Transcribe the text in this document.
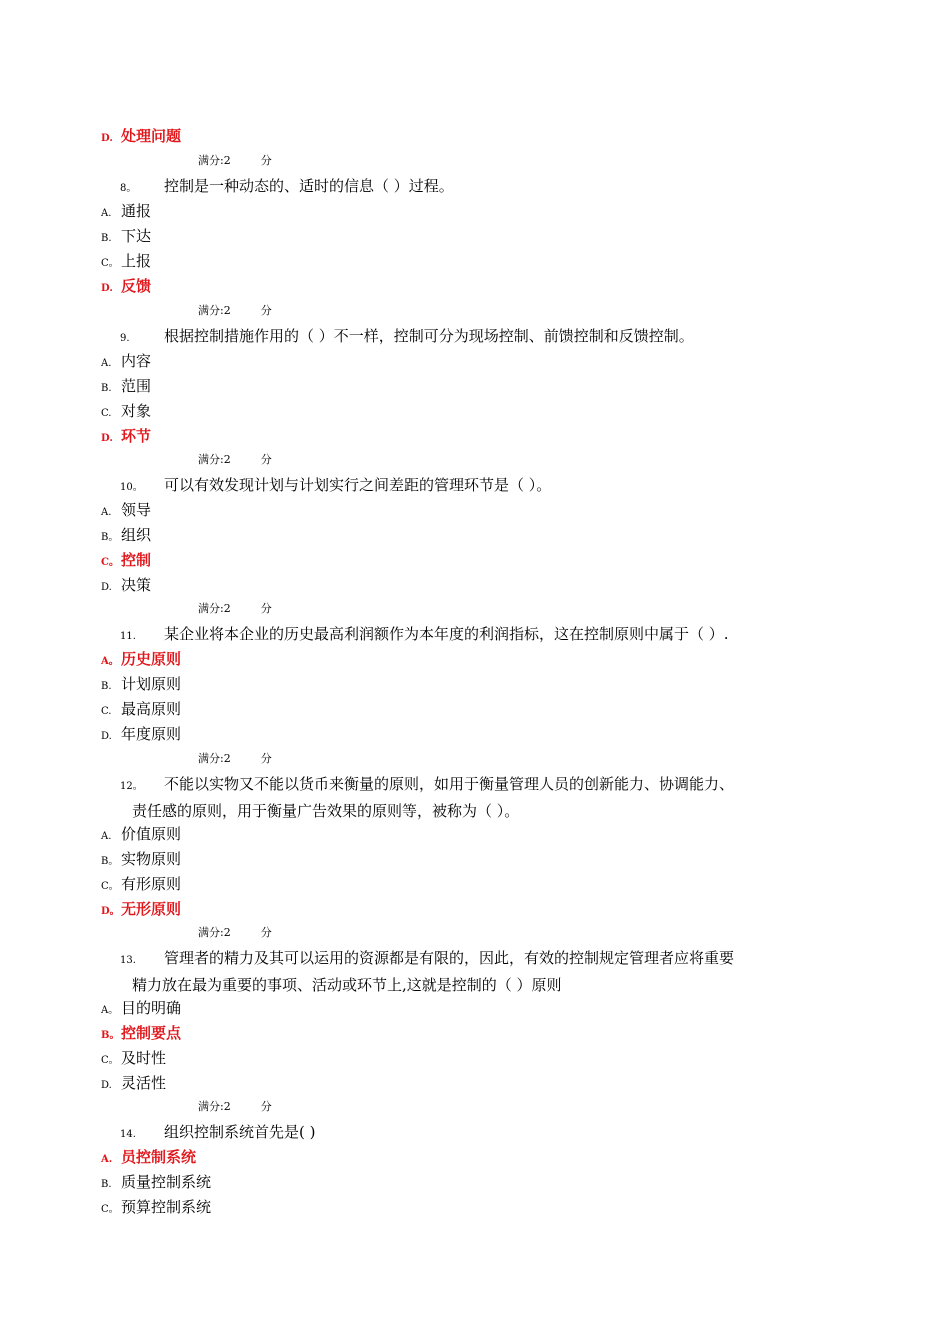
D. 处理问题
满分:2	分
8。 控制是一种动态的、适时的信息（ ）过程。
A. 通报
B. 下达
C。 上报
D. 反馈
满分:2	分
9. 根据控制措施作用的（ ）不一样，控制可分为现场控制、前馈控制和反馈控制。
A. 内容
B. 范围
C. 对象
D. 环节
满分:2	分
10。 可以有效发现计划与计划实行之间差距的管理环节是（ ）。
A. 领导
B。 组织
C。 控制
D. 决策
满分:2	分
11. 某企业将本企业的历史最高利润额作为本年度的利润指标，这在控制原则中属于（ ）.
A。 历史原则
B. 计划原则
C. 最高原则
D. 年度原则
满分:2	分
12。 不能以实物又不能以货币来衡量的原则，如用于衡量管理人员的创新能力、协调能力、
责任感的原则，用于衡量广告效果的原则等，被称为（ ）。
A. 价值原则
B。 实物原则
C。 有形原则
D。无形原则
满分:2	分
13. 管理者的精力及其可以运用的资源都是有限的，因此，有效的控制规定管理者应将重要
精力放在最为重要的事项、活动或环节上,这就是控制的（ ）原则
A。 目的明确
B。 控制要点
C。 及时性
D. 灵活性
满分:2	分
14. 组织控制系统首先是( )
A. 员控制系统
B. 质量控制系统
C。 预算控制系统
